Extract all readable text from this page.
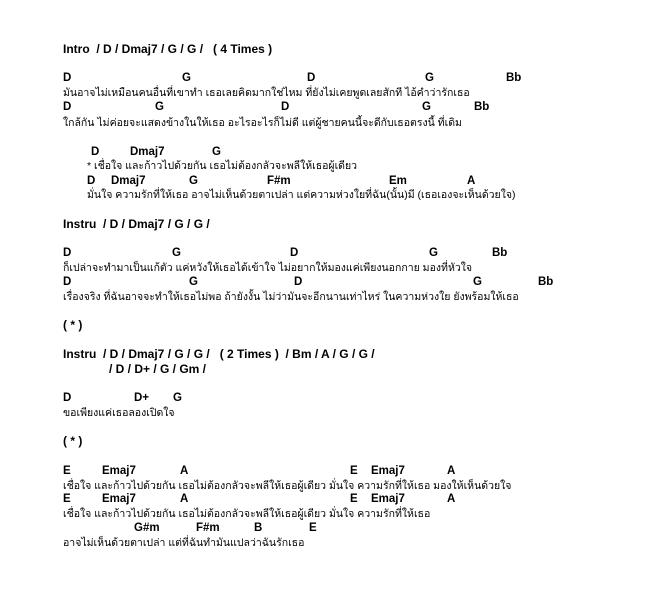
Intro  / D / Dmaj7 / G / G /   ( 4 Times )
D	G	D	G	Bb
มันอาจไม่เหมือนคนอื่นที่เขาทำ เธอเลยคิดมากใช่ไหม ที่ยังไม่เคยพูดเลยสักที ไอ้คำว่ารักเธอ
D	G	D	G	Bb
ใกล้กัน ไม่ค่อยจะแสดงข้างในให้เธอ อะไรอะไรก็ไม่ดี แต่ผู้ชายคนนี้จะดีกับเธอตรงนี้ ที่เดิม
D	Dmaj7	G
* เชื่อใจ และก้าวไปด้วยกัน เธอไม่ต้องกลัวจะพลีให้เธอผู้เดียว
D Dmaj7	G	F#m	Em	A
มั่นใจ ความรักที่ให้เธอ อาจไม่เห็นด้วยตาเปล่า แต่ความห่วงใยที่ฉัน(นั้น)มี (เธอเองจะเห็นด้วยใจ)
Instru  / D / Dmaj7 / G / G /
D	G	D	G	Bb
ก็เปล่าจะทำมาเป็นแก้ตัว แค่หวังให้เธอได้เข้าใจ ไม่อยากให้มองแค่เพียงนอกกาย มองที่หัวใจ
D	G	D	G	Bb
เรื่องจริง ที่ฉันอาจจะทำให้เธอไม่พอ ถ้ายังงั้น ไม่ว่ามันจะอีกนานเท่าไหร่ ในความห่วงใย ยังพร้อมให้เธอ
( * )
Instru  / D / Dmaj7 / G / G /   ( 2 Times )  / Bm / A / G / G /
/ D / D+ / G / Gm /
D	D+ G
ขอเพียงแค่เธอลองเปิดใจ
( * )
E	Emaj7	A	E Emaj7	A
เชื่อใจ และก้าวไปด้วยกัน เธอไม่ต้องกลัวจะพลีให้เธอผู้เดียว มั่นใจ ความรักที่ให้เธอ มองให้เห็นด้วยใจ
E	Emaj7	A	E Emaj7	A
เชื่อใจ และก้าวไปด้วยกัน เธอไม่ต้องกลัวจะพลีให้เธอผู้เดียว มั่นใจ ความรักที่ให้เธอ
G#m	F#m	B	E
อาจไม่เห็นด้วยตาเปล่า แต่ที่ฉันทำมันแปลว่าฉันรักเธอ
